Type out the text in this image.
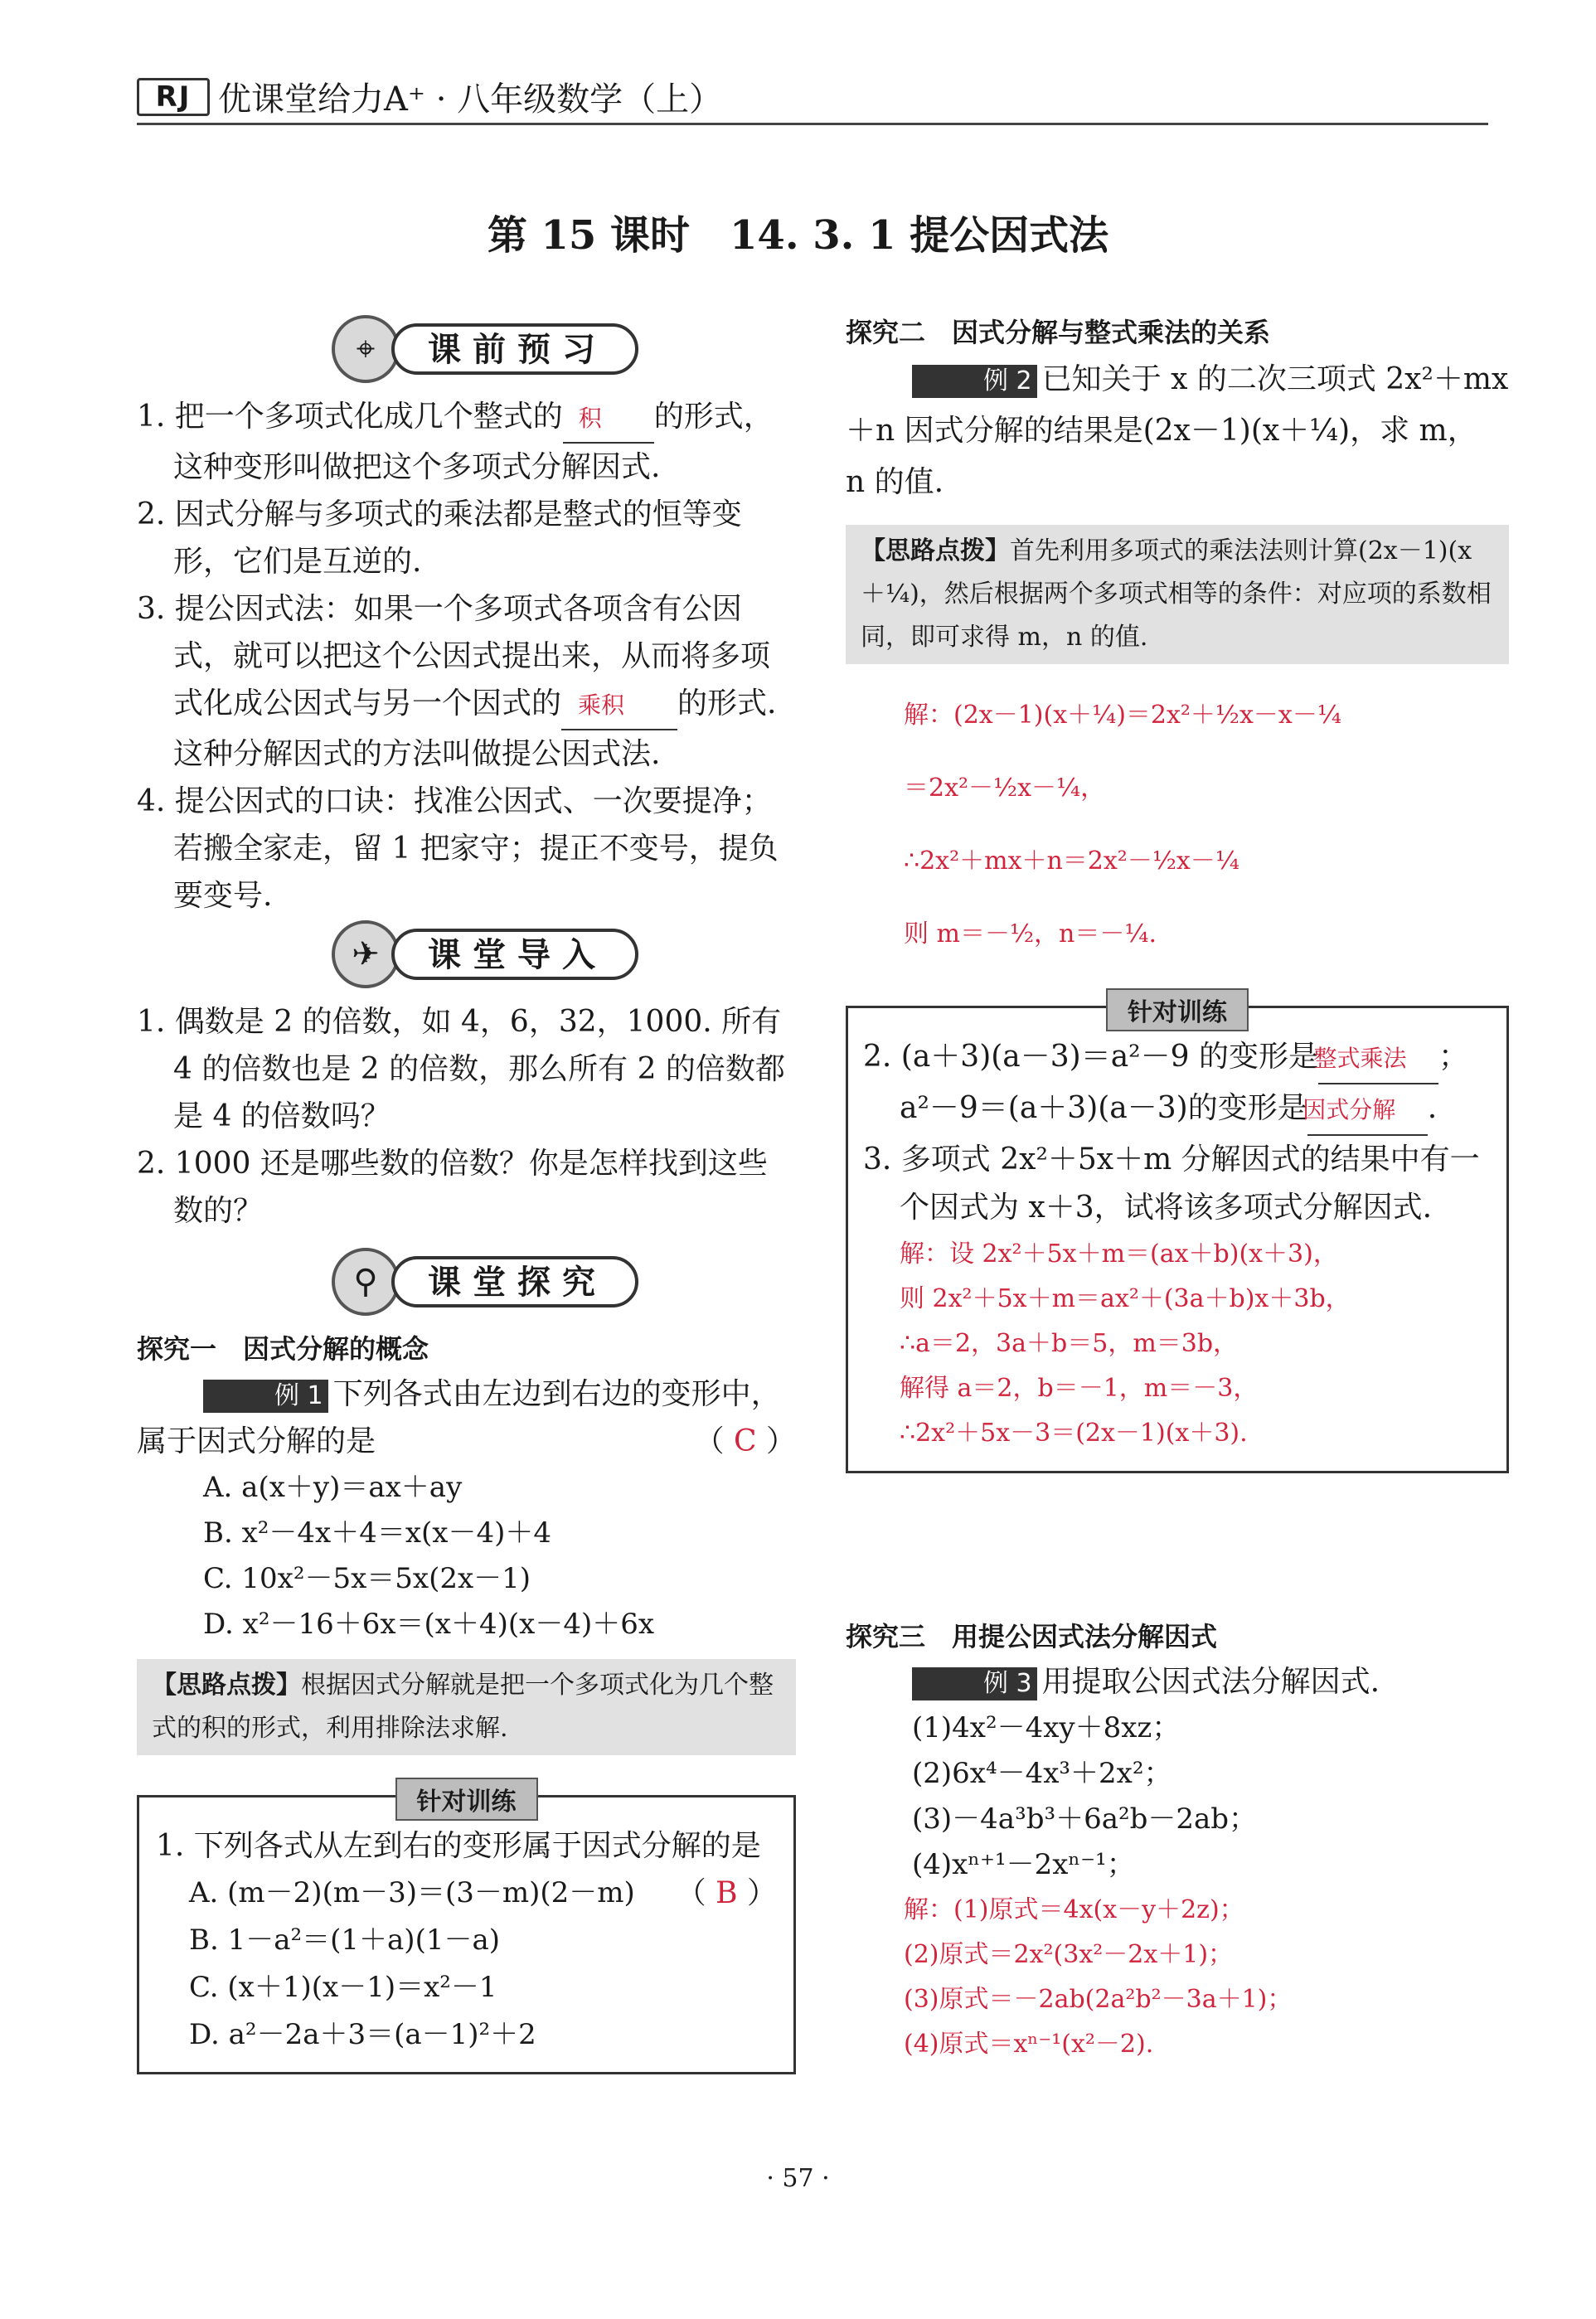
RJ 优课堂给力A⁺ · 八年级数学（上）
第 15 课时　14. 3. 1 提公因式法
⌖	课前预习

1. 把一个多项式化成几个整式的 积 的形式，这种变形叫做把这个多项式分解因式.

2. 因式分解与多项式的乘法都是整式的恒等变形，它们是互逆的.

3. 提公因式法：如果一个多项式各项含有公因式，就可以把这个公因式提出来，从而将多项式化成公因式与另一个因式的 乘积 的形式. 这种分解因式的方法叫做提公因式法.

4. 提公因式的口诀：找准公因式、一次要提净；若搬全家走，留 1 把家守；提正不变号，提负要变号.

✈	课堂导入

1. 偶数是 2 的倍数，如 4，6，32，1000. 所有 4 的倍数也是 2 的倍数，那么所有 2 的倍数都是 4 的倍数吗？

2. 1000 还是哪些数的倍数？你是怎样找到这些数的？

⚲	课堂探究
探究一　因式分解的概念

例 1 下列各式由左边到右边的变形中，属于因式分解的是	（ C ）

A. a(x＋y)＝ax＋ay
B. x²－4x＋4＝x(x－4)＋4
C. 10x²－5x＝5x(2x－1)
D. x²－16＋6x＝(x＋4)(x－4)＋6x
【思路点拨】根据因式分解就是把一个多项式化为几个整式的积的形式，利用排除法求解.
针对训练

1. 下列各式从左到右的变形属于因式分解的是
（ B ）

A. (m－2)(m－3)＝(3－m)(2－m)
B. 1－a²＝(1＋a)(1－a)
C. (x＋1)(x－1)＝x²－1
D. a²－2a＋3＝(a－1)²＋2
探究二　因式分解与整式乘法的关系

例 2 已知关于 x 的二次三项式 2x²＋mx

＋n 因式分解的结果是(2x－1)(x＋¼)，求 m，

n 的值.

【思路点拨】首先利用多项式的乘法法则计算(2x－1)(x＋¼)，然后根据两个多项式相等的条件：对应项的系数相同，即可求得 m，n 的值.
解：(2x－1)(x＋¼)＝2x²＋½x－x－¼
＝2x²－½x－¼，
∴2x²＋mx＋n＝2x²－½x－¼
则 m＝－½，n＝－¼.
针对训练

2. (a＋3)(a－3)＝a²－9 的变形是整式乘法 ；a²－9＝(a＋3)(a－3)的变形是因式分解 .

3. 多项式 2x²＋5x＋m 分解因式的结果中有一个因式为 x＋3，试将该多项式分解因式.

解：设 2x²＋5x＋m＝(ax＋b)(x＋3)，
则 2x²＋5x＋m＝ax²＋(3a＋b)x＋3b，
∴a＝2，3a＋b＝5，m＝3b，
解得 a＝2，b＝－1，m＝－3，
∴2x²＋5x－3＝(2x－1)(x＋3).
探究三　用提公因式法分解因式

例 3 用提取公因式法分解因式.

(1)4x²－4xy＋8xz；
(2)6x⁴－4x³＋2x²；
(3)－4a³b³＋6a²b－2ab；
(4)xⁿ⁺¹－2xⁿ⁻¹；
解：(1)原式＝4x(x－y＋2z)；
(2)原式＝2x²(3x²－2x＋1)；
(3)原式＝－2ab(2a²b²－3a＋1)；
(4)原式＝xⁿ⁻¹(x²－2).
· 57 ·
